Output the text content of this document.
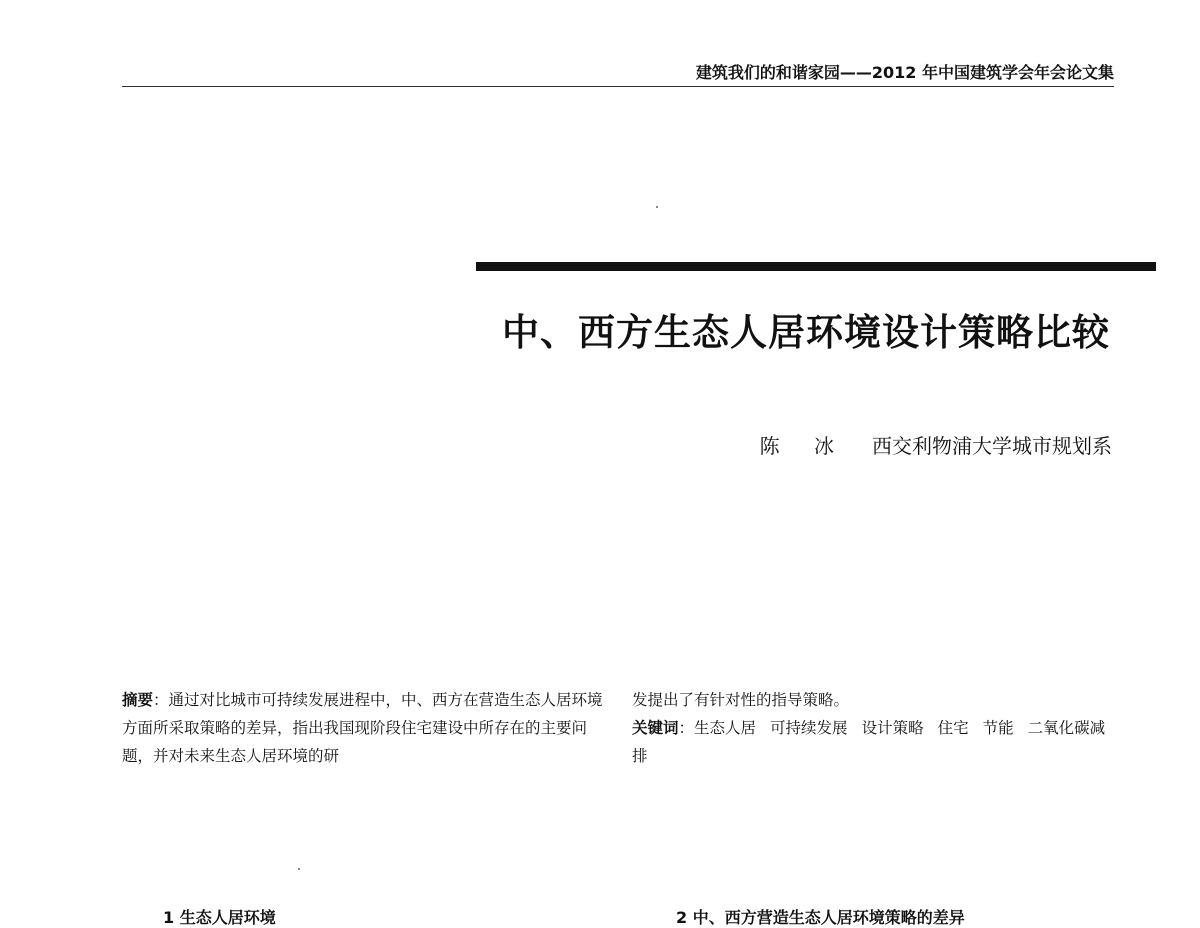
建筑我们的和谐家园——2012 年中国建筑学会年会论文集
中、西方生态人居环境设计策略比较
陈 冰 西交利物浦大学城市规划系

摘要：通过对比城市可持续发展进程中，中、西方在营造生态人居环境方面所采取策略的差异，指出我国现阶段住宅建设中所存在的主要问题，并对未来生态人居环境的研

发提出了有针对性的指导策略。

关键词：生态人居 可持续发展 设计策略 住宅 节能 二氧化碳减排

1 生态人居环境	2 中、西方营造生态人居环境策略的差异
